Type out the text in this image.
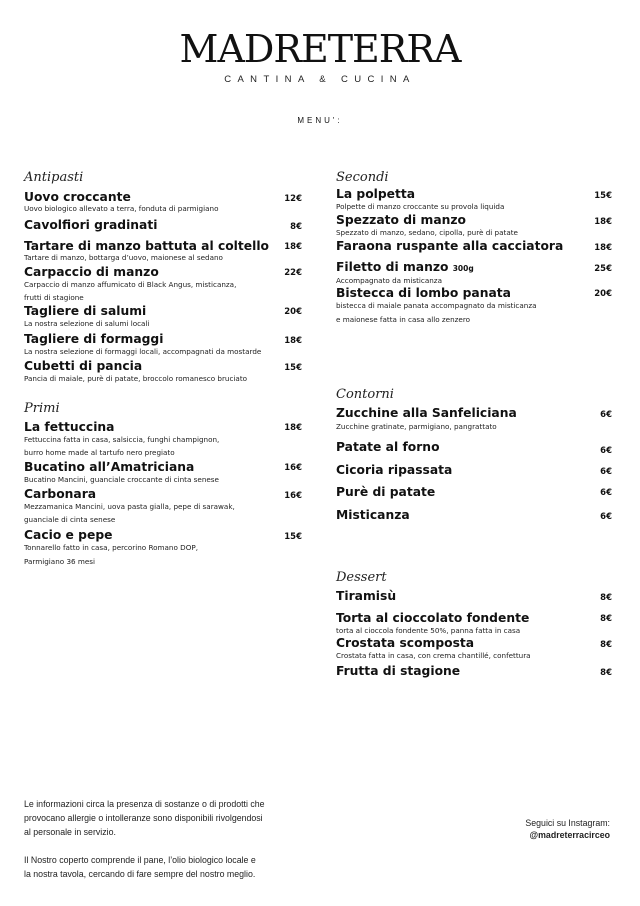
MADRETERRA
CANTINA & CUCINA
MENU':
Antipasti
Uovo croccante	12€
Uovo biologico allevato a terra, fonduta di parmigiano
Cavolfiori gradinati	8€
Tartare di manzo battuta al coltello 18€
Tartare di manzo, bottarga d’uovo, maionese al sedano
Carpaccio di manzo	22€
Carpaccio di manzo affumicato di Black Angus, misticanza,
frutti di stagione
Tagliere di salumi	20€
La nostra selezione di salumi locali
Tagliere di formaggi	18€
La nostra selezione di formaggi locali, accompagnati da mostarde
Cubetti di pancia	15€
Pancia di maiale, purè di patate, broccolo romanesco bruciato
Primi
La fettuccina	18€
Fettuccina fatta in casa, salsiccia, funghi champignon,
burro home made al tartufo nero pregiato
Bucatino all’Amatriciana	16€
Bucatino Mancini, guanciale croccante di cinta senese
Carbonara	16€
Mezzamanica Mancini, uova pasta gialla, pepe di sarawak,
guanciale di cinta senese
Cacio e pepe	15€
Tonnarello fatto in casa, percorino Romano DOP,
Parmigiano 36 mesi
Secondi
La polpetta	15€
Polpette di manzo croccante su provola liquida
Spezzato di manzo	18€
Spezzato di manzo, sedano, cipolla, purè di patate
Faraona ruspante alla cacciatora	18€
Filetto di manzo 300g	25€
Accompagnato da misticanza
Bistecca di lombo panata	20€
bistecca di maiale panata accompagnato da misticanza
e maionese fatta in casa allo zenzero
Contorni
Zucchine alla Sanfeliciana	6€
Zucchine gratinate, parmigiano, pangrattato
Patate al forno	6€
Cicoria ripassata	6€
Purè di patate	6€
Misticanza	6€
Dessert
Tiramisù	8€
Torta al cioccolato fondente	8€
torta al cioccola fondente 50%, panna fatta in casa
Crostata scomposta	8€
Crostata fatta in casa, con crema chantillé, confettura
Frutta di stagione	8€
Le informazioni circa la presenza di sostanze o di prodotti che
provocano allergie o intolleranze sono disponibili rivolgendosi
al personale in servizio.
Il Nostro coperto comprende il pane, l’olio biologico locale e
la nostra tavola, cercando di fare sempre del nostro meglio.
Seguici su Instagram:
@madreterracirceo
